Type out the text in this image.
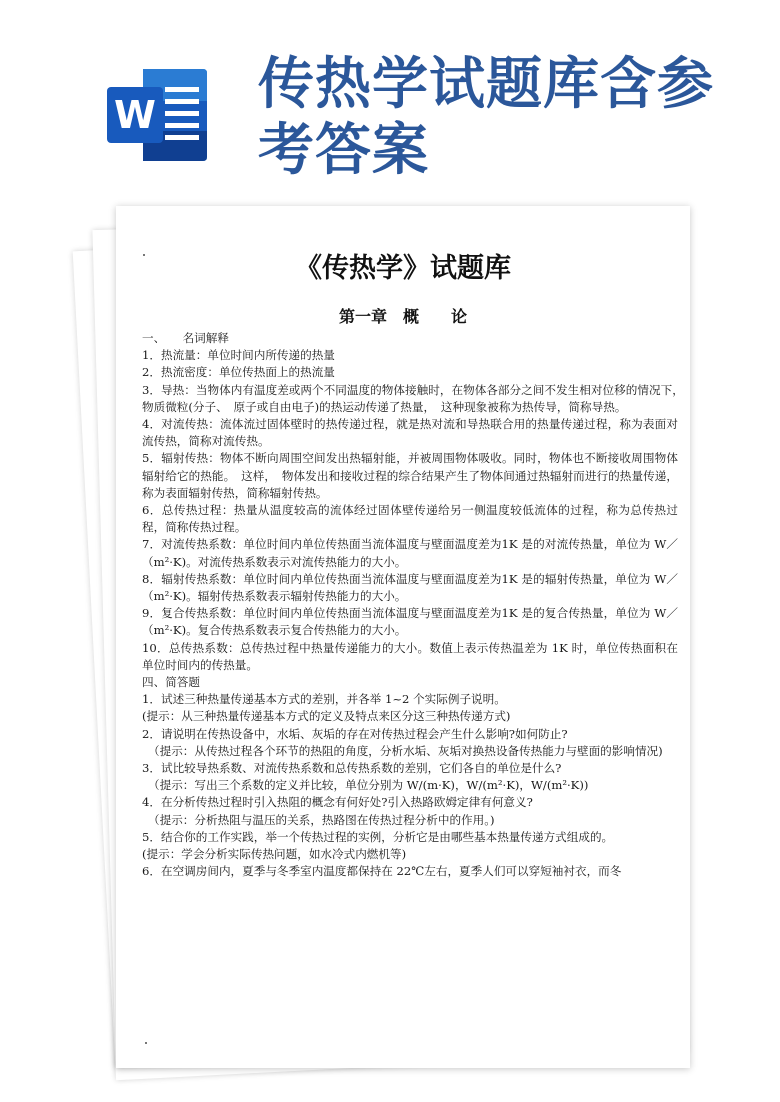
W 传热学试题库含参考答案
《传热学》试题库
第一章　概　　论

一、　　名词解释

1．热流量：单位时间内所传递的热量

2．热流密度：单位传热面上的热流量

3．导热：当物体内有温度差或两个不同温度的物体接触时，在物体各部分之间不发生相对位移的情况下，　物质微粒(分子、　原子或自由电子)的热运动传递了热量，　这种现象被称为热传导，简称导热。

4．对流传热：流体流过固体壁时的热传递过程，就是热对流和导热联合用的热量传递过程，称为表面对流传热，简称对流传热。

5．辐射传热：物体不断向周围空间发出热辐射能，并被周围物体吸收。同时，物体也不断接收周围物体辐射给它的热能。　这样，　物体发出和接收过程的综合结果产生了物体间通过热辐射而进行的热量传递，称为表面辐射传热，简称辐射传热。

6．总传热过程：热量从温度较高的流体经过固体壁传递给另一侧温度较低流体的过程，称为总传热过程，简称传热过程。

7．对流传热系数：单位时间内单位传热面当流体温度与壁面温度差为1K 是的对流传热量，单位为 W／（m²·K)。对流传热系数表示对流传热能力的大小。

8．辐射传热系数：单位时间内单位传热面当流体温度与壁面温度差为1K 是的辐射传热量，单位为 W／（m²·K)。辐射传热系数表示辐射传热能力的大小。

9．复合传热系数：单位时间内单位传热面当流体温度与壁面温度差为1K 是的复合传热量，单位为 W／（m²·K)。复合传热系数表示复合传热能力的大小。

10．总传热系数：总传热过程中热量传递能力的大小。数值上表示传热温差为 1K 时，单位传热面积在单位时间内的传热量。

四、简答题

1．试述三种热量传递基本方式的差别，并各举 1~2 个实际例子说明。

(提示：从三种热量传递基本方式的定义及特点来区分这三种热传递方式)

2．请说明在传热设备中，水垢、灰垢的存在对传热过程会产生什么影响?如何防止?

（提示：从传热过程各个环节的热阻的角度，分析水垢、灰垢对换热设备传热能力与壁面的影响情况)

3．试比较导热系数、对流传热系数和总传热系数的差别，它们各自的单位是什么?

（提示：写出三个系数的定义并比较，单位分别为 W/(m·K)，W/(m²·K)，W/(m²·K))

4．在分析传热过程时引入热阻的概念有何好处?引入热路欧姆定律有何意义?

（提示：分析热阻与温压的关系，热路图在传热过程分析中的作用。)

5．结合你的工作实践，举一个传热过程的实例，分析它是由哪些基本热量传递方式组成的。

(提示：学会分析实际传热问题，如水冷式内燃机等)

6．在空调房间内，夏季与冬季室内温度都保持在 22℃左右，夏季人们可以穿短袖衬衣，而冬
